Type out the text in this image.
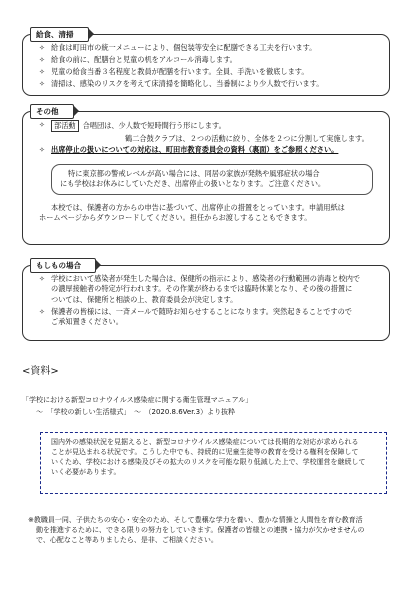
給食、清掃
✧ 給食は町田市の統一メニューにより、個包装等安全に配膳できる工夫を行います。
✧ 給食の前に、配膳台と児童の机をアルコール消毒します。
✧ 児童の給食当番３名程度と教員が配膳を行います。全員、手洗いを徹底します。
✧ 清掃は、感染のリスクを考えて床清掃を簡略化し、当番制により少人数で行います。
その他
✧ 部活動 合唱団は、少人数で短時間行う形にします。
鶴二合鼓クラブは、２つの活動に絞り、全体を２つに分割して実施します。
✧ 出席停止の扱いについての対応は、町田市教育委員会の資料（裏面）をご参照ください。
特に東京都の警戒レベルが高い場合には、同居の家族が発熱や風邪症状の場合
にも学校はお休みにしていただき、出席停止の扱いとなります。ご注意ください。
本校では、保護者の方からの申告に基づいて、出席停止の措置をとっています。申請用紙は
ホームページからダウンロードしてください。担任からお渡しすることもできます。
もしもの場合
✧ 学校において感染者が発生した場合は、保健所の指示により、感染者の行動範囲の消毒と校内で
の濃厚接触者の特定が行われます。その作業が終わるまでは臨時休業となり、その後の措置に
ついては、保健所と相談の上、教育委員会が決定します。
✧ 保護者の皆様には、一斉メールで随時お知らせすることになります。突然起きることですので
ご承知置きください。
<資料>
「学校における新型コロナウイルス感染症に関する衛生管理マニュアル」
～　「学校の新しい生活様式」　～　（2020.8.6Ver.3）より抜粋
国内外の感染状況を見据えると、新型コロナウイルス感染症については長期的な対応が求められる
ことが見込まれる状況です。こうした中でも、持続的に児童生徒等の教育を受ける権利を保障して
いくため、学校における感染及びその拡大のリスクを可能な限り低減した上で、学校運営を継続して
いく必要があります。
※教職員一同、子供たちの安心・安全のため、そして豊穣な学力を養い、豊かな情操と人間性を育む教育活
動を推進するために、できる限りの努力をしていきます。保護者の皆様との連携・協力が欠かせませんの
で、心配なこと等ありましたら、是非、ご相談ください。
